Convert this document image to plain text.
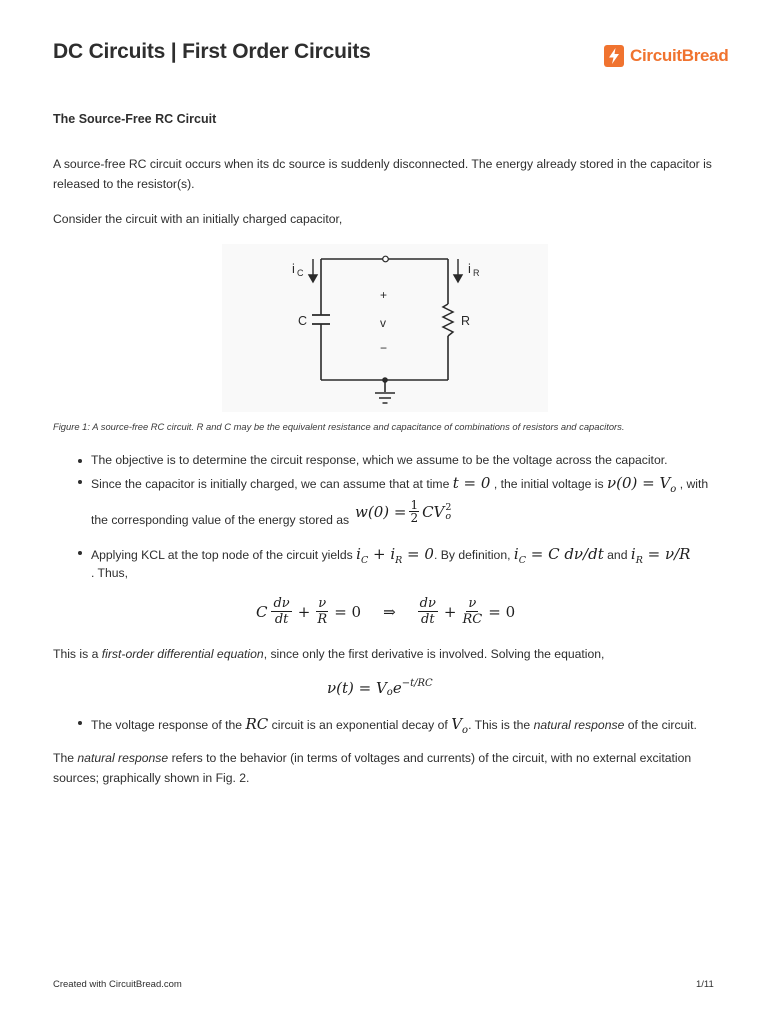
DC Circuits | First Order Circuits	CircuitBread
The Source-Free RC Circuit

A source-free RC circuit occurs when its dc source is suddenly disconnected. The energy already stored in the capacitor is released to the resistor(s).

Consider the circuit with an initially charged capacitor,

i C	i R
C	R
+
v
−

Figure 1: A source-free RC circuit. R and C may be the equivalent resistance and capacitance of combinations of resistors and capacitors.

The objective is to determine the circuit response, which we assume to be the voltage across the capacitor.
Since the capacitor is initially charged, we can assume that at time t = 0 , the initial voltage is $\nu(0) = V_o$ , with
the corresponding value of the energy stored as $w(0) = \frac{1}{2}$ CV 2
o
Applying KCL at the top node of the circuit yields $i_C + i_R = 0$. By definition, $i_C = C$ dν/dt and $i_R = \nu/R$
. Thus,
C dν
dt + $\frac{\nu}{R} = 0$ ⇒ dν
dt + $\frac{\nu}{RC} = 0$

This is a first-order differential equation, since only the first derivative is involved. Solving the equation,

$\nu(t) = V_o$ $e^{-t/RC}$
The voltage response of the RC circuit is an exponential decay of $V_o$. This is the natural response of the circuit.

The natural response refers to the behavior (in terms of voltages and currents) of the circuit, with no external excitation sources; graphically shown in Fig. 2.

Created with CircuitBread.com	1/11
